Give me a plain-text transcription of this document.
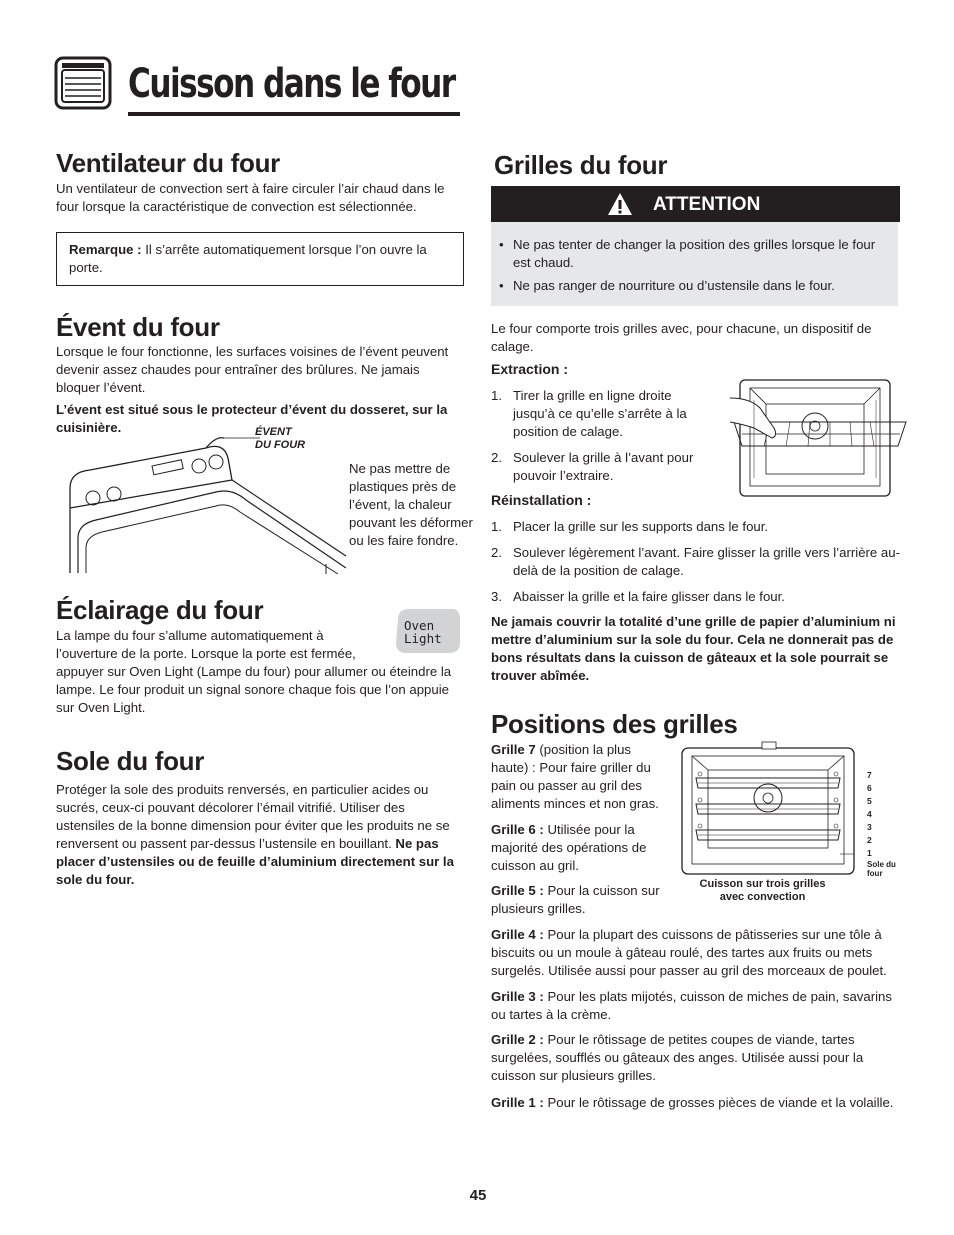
Cuisson dans le four
Ventilateur du four

Un ventilateur de convection sert à faire circuler l’air chaud dans le four lorsque la caractéristique de convection est sélectionnée.

Remarque : Il s’arrête automatiquement lorsque l’on ouvre la porte.

Évent du four

Lorsque le four fonctionne, les surfaces voisines de l’évent peuvent devenir assez chaudes pour entraîner des brûlures. Ne jamais bloquer l’évent.

L’évent est situé sous le protecteur d’évent du dosseret, sur la cuisinière.	ÉVENT
DU FOUR

Ne pas mettre de plastiques près de l’évent, la chaleur pouvant les déformer ou les faire fondre.

Éclairage du four

La lampe du four s’allume automatiquement à l’ouverture de la porte. Lorsque la porte est fermée,

appuyer sur Oven Light (Lampe du four) pour allumer ou éteindre la lampe. Le four produit un signal sonore chaque fois que l’on appuie sur Oven Light.

Oven
Light
Sole du four

Protéger la sole des produits renversés, en particulier acides ou sucrés, ceux-ci pouvant décolorer l’émail vitrifié. Utiliser des ustensiles de la bonne dimension pour éviter que les produits ne se renversent ou passent par-dessus l’ustensile en bouillant. Ne pas placer d’ustensiles ou de feuille d’aluminium directement sur la sole du four.

Grilles du four
ATTENTION
• Ne pas tenter de changer la position des grilles lorsque le four est chaud.
• Ne pas ranger de nourriture ou d’ustensile dans le four.

Le four comporte trois grilles avec, pour chacune, un dispositif de calage.

Extraction :

1. Tirer la grille en ligne droite jusqu’à ce qu’elle s’arrête à la position de calage.
2. Soulever la grille à l’avant pour pouvoir l’extraire.

Réinstallation :

1. Placer la grille sur les supports dans le four.
2. Soulever légèrement l’avant. Faire glisser la grille vers l’arrière au-delà de la position de calage.
3. Abaisser la grille et la faire glisser dans le four.

Ne jamais couvrir la totalité d’une grille de papier d’aluminium ni mettre d’aluminium sur la sole du four. Cela ne donnerait pas de bons résultats dans la cuisson de gâteaux et la sole pourrait se trouver abîmée.

Positions des grilles

Grille 7 (position la plus haute) : Pour faire griller du pain ou passer au gril des aliments minces et non gras.

Grille 6 : Utilisée pour la majorité des opérations de cuisson au gril.

Grille 5 : Pour la cuisson sur plusieurs grilles.

7
6
5
4
3
2
1
Sole du
four
Cuisson sur trois grilles
avec convection

Grille 4 : Pour la plupart des cuissons de pâtisseries sur une tôle à biscuits ou un moule à gâteau roulé, des tartes aux fruits ou mets surgelés. Utilisée aussi pour passer au gril des morceaux de poulet.

Grille 3 : Pour les plats mijotés, cuisson de miches de pain, savarins ou tartes à la crème.

Grille 2 : Pour le rôtissage de petites coupes de viande, tartes surgelées, soufflés ou gâteaux des anges. Utilisée aussi pour la cuisson sur plusieurs grilles.

Grille 1 : Pour le rôtissage de grosses pièces de viande et la volaille.

45
